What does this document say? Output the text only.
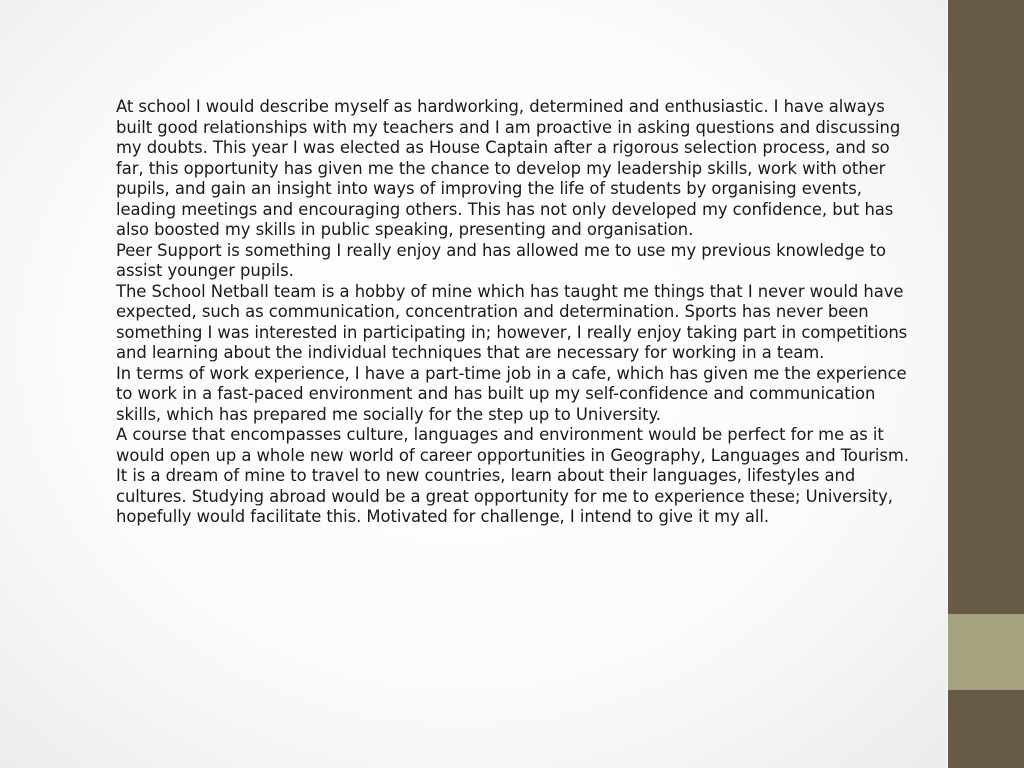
At school I would describe myself as hardworking, determined and enthusiastic. I have always built good relationships with my teachers and I am proactive in asking questions and discussing my doubts. This year I was elected as House Captain after a rigorous selection process, and so far, this opportunity has given me the chance to develop my leadership skills, work with other pupils, and gain an insight into ways of improving the life of students by organising events, leading meetings and encouraging others. This has not only developed my confidence, but has also boosted my skills in public speaking, presenting and organisation.

Peer Support is something I really enjoy and has allowed me to use my previous knowledge to assist younger pupils.

The School Netball team is a hobby of mine which has taught me things that I never would have expected, such as communication, concentration and determination. Sports has never been something I was interested in participating in; however, I really enjoy taking part in competitions and learning about the individual techniques that are necessary for working in a team.

In terms of work experience, I have a part-time job in a cafe, which has given me the experience to work in a fast-paced environment and has built up my self-confidence and communication skills, which has prepared me socially for the step up to University.

A course that encompasses culture, languages and environment would be perfect for me as it would open up a whole new world of career opportunities in Geography, Languages and Tourism.

It is a dream of mine to travel to new countries, learn about their languages, lifestyles and cultures. Studying abroad would be a great opportunity for me to experience these; University, hopefully would facilitate this. Motivated for challenge, I intend to give it my all.
